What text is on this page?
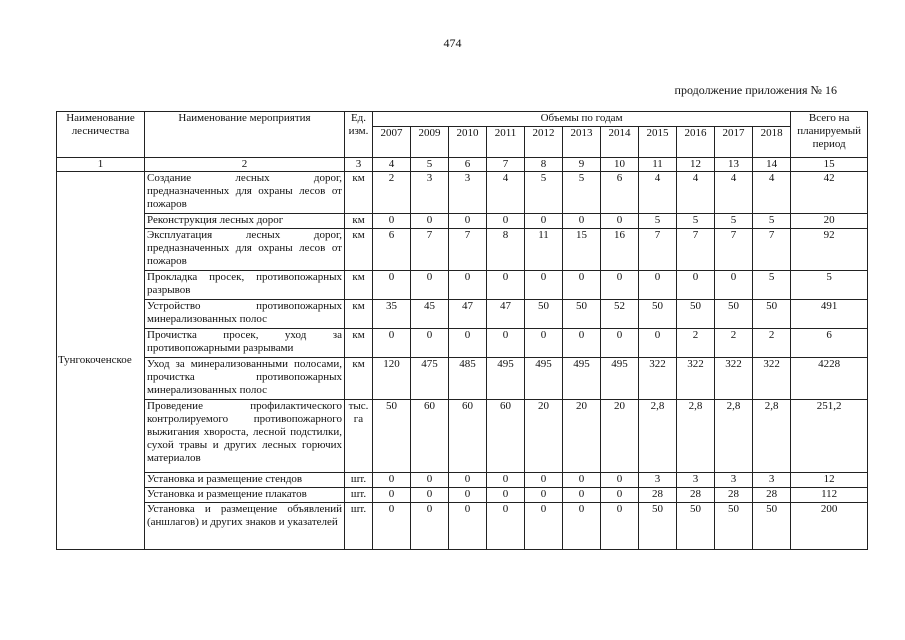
474
продолжение приложения № 16
Наименование лесничества	Наименование мероприятия	Ед. изм.	Объемы по годам											Всего на планируемый период
			2007	2009	2010	2011	2012	2013	2014	2015	2016	2017	2018	
1	2	3	4	5	6	7	8	9	10	11	12	13	14	15
Тунгокоченское	Создание лесных дорог, предназначенных для охраны лесов от пожаров	км	2	3	3	4	5	5	6	4	4	4	4	42
	Реконструкция лесных дорог	км	0	0	0	0	0	0	0	5	5	5	5	20
	Эксплуатация лесных дорог, предназначенных для охраны лесов от пожаров	км	6	7	7	8	11	15	16	7	7	7	7	92
	Прокладка просек, противопожарных разрывов	км	0	0	0	0	0	0	0	0	0	0	5	5
	Устройство противопожарных минерализованных полос	км	35	45	47	47	50	50	52	50	50	50	50	491
	Прочистка просек, уход за противопожарными разрывами	км	0	0	0	0	0	0	0	0	2	2	2	6
	Уход за минерализованными полосами, прочистка противопожарных минерализованных полос	км	120	475	485	495	495	495	495	322	322	322	322	4228
	Проведение профилактического контролируемого противопожарного выжигания хвороста, лесной подстилки, сухой травы и других лесных горючих материалов	тыс. га	50	60	60	60	20	20	20	2,8	2,8	2,8	2,8	251,2
	Установка и размещение стендов	шт.	0	0	0	0	0	0	0	3	3	3	3	12
	Установка и размещение плакатов	шт.	0	0	0	0	0	0	0	28	28	28	28	112
	Установка и размещение объявлений (аншлагов) и других знаков и указателей	шт.	0	0	0	0	0	0	0	50	50	50	50	200
